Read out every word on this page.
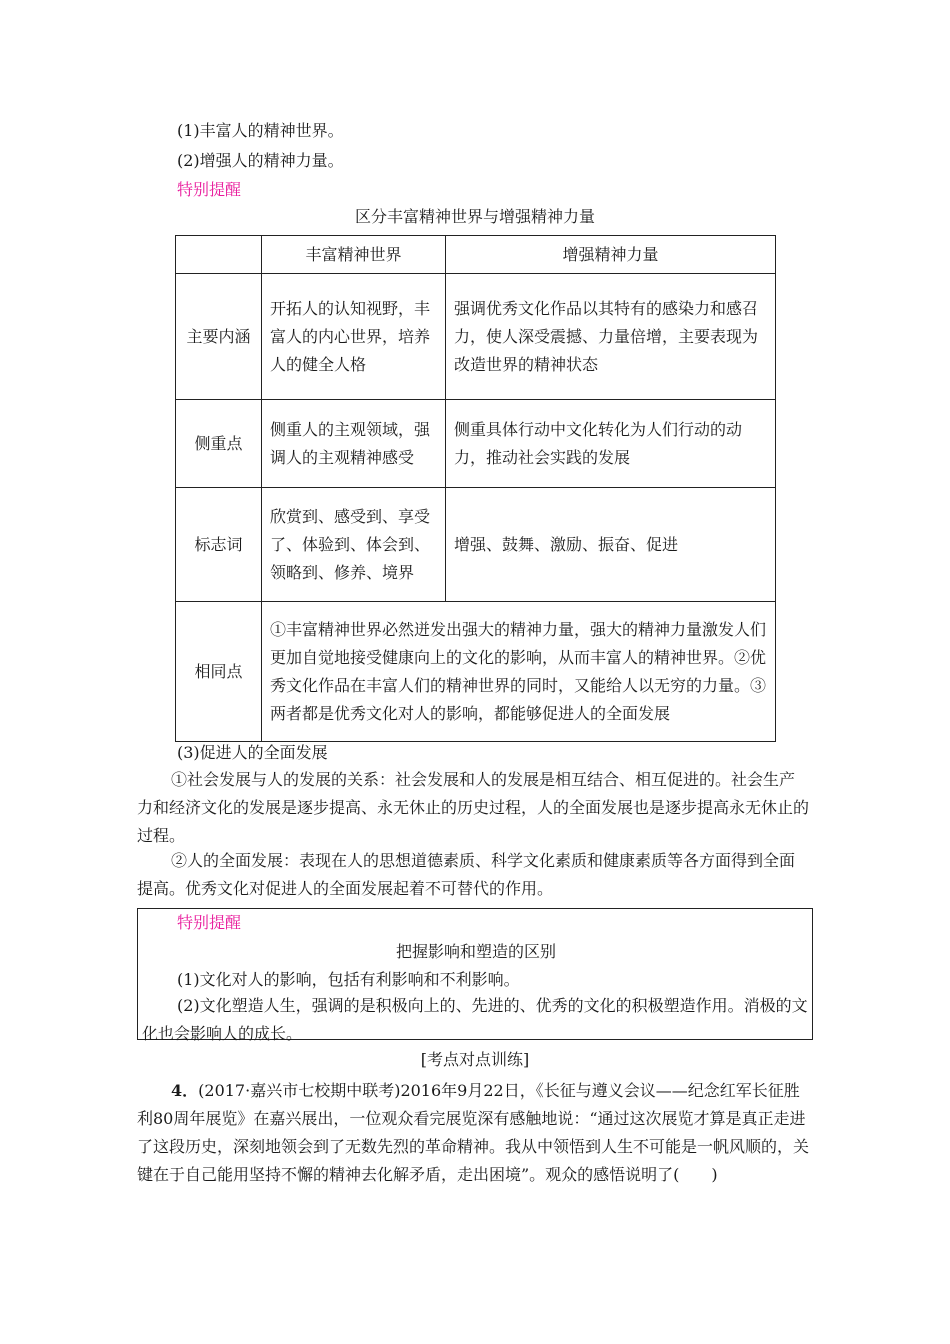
(1)丰富人的精神世界。
(2)增强人的精神力量。
特别提醒
区分丰富精神世界与增强精神力量
	丰富精神世界	增强精神力量
主要内涵	开拓人的认知视野，丰富人的内心世界，培养人的健全人格	强调优秀文化作品以其特有的感染力和感召力，使人深受震撼、力量倍增，主要表现为改造世界的精神状态
侧重点	侧重人的主观领域，强调人的主观精神感受	侧重具体行动中文化转化为人们行动的动力，推动社会实践的发展
标志词	欣赏到、感受到、享受了、体验到、体会到、领略到、修养、境界	增强、鼓舞、激励、振奋、促进
相同点	①丰富精神世界必然迸发出强大的精神力量，强大的精神力量激发人们更加自觉地接受健康向上的文化的影响，从而丰富人的精神世界。②优秀文化作品在丰富人们的精神世界的同时，又能给人以无穷的力量。③两者都是优秀文化对人的影响，都能够促进人的全面发展	
(3)促进人的全面发展
①社会发展与人的发展的关系：社会发展和人的发展是相互结合、相互促进的。社会生产力和经济文化的发展是逐步提高、永无休止的历史过程，人的全面发展也是逐步提高永无休止的过程。
②人的全面发展：表现在人的思想道德素质、科学文化素质和健康素质等各方面得到全面提高。优秀文化对促进人的全面发展起着不可替代的作用。
特别提醒
把握影响和塑造的区别
(1)文化对人的影响，包括有利影响和不利影响。
(2)文化塑造人生，强调的是积极向上的、先进的、优秀的文化的积极塑造作用。消极的文化也会影响人的成长。
[考点对点训练]
4．(2017·嘉兴市七校期中联考)2016年9月22日，《长征与遵义会议——纪念红军长征胜利80周年展览》在嘉兴展出，一位观众看完展览深有感触地说：“通过这次展览才算是真正走进了这段历史，深刻地领会到了无数先烈的革命精神。我从中领悟到人生不可能是一帆风顺的，关键在于自己能用坚持不懈的精神去化解矛盾，走出困境”。观众的感悟说明了(　　)
